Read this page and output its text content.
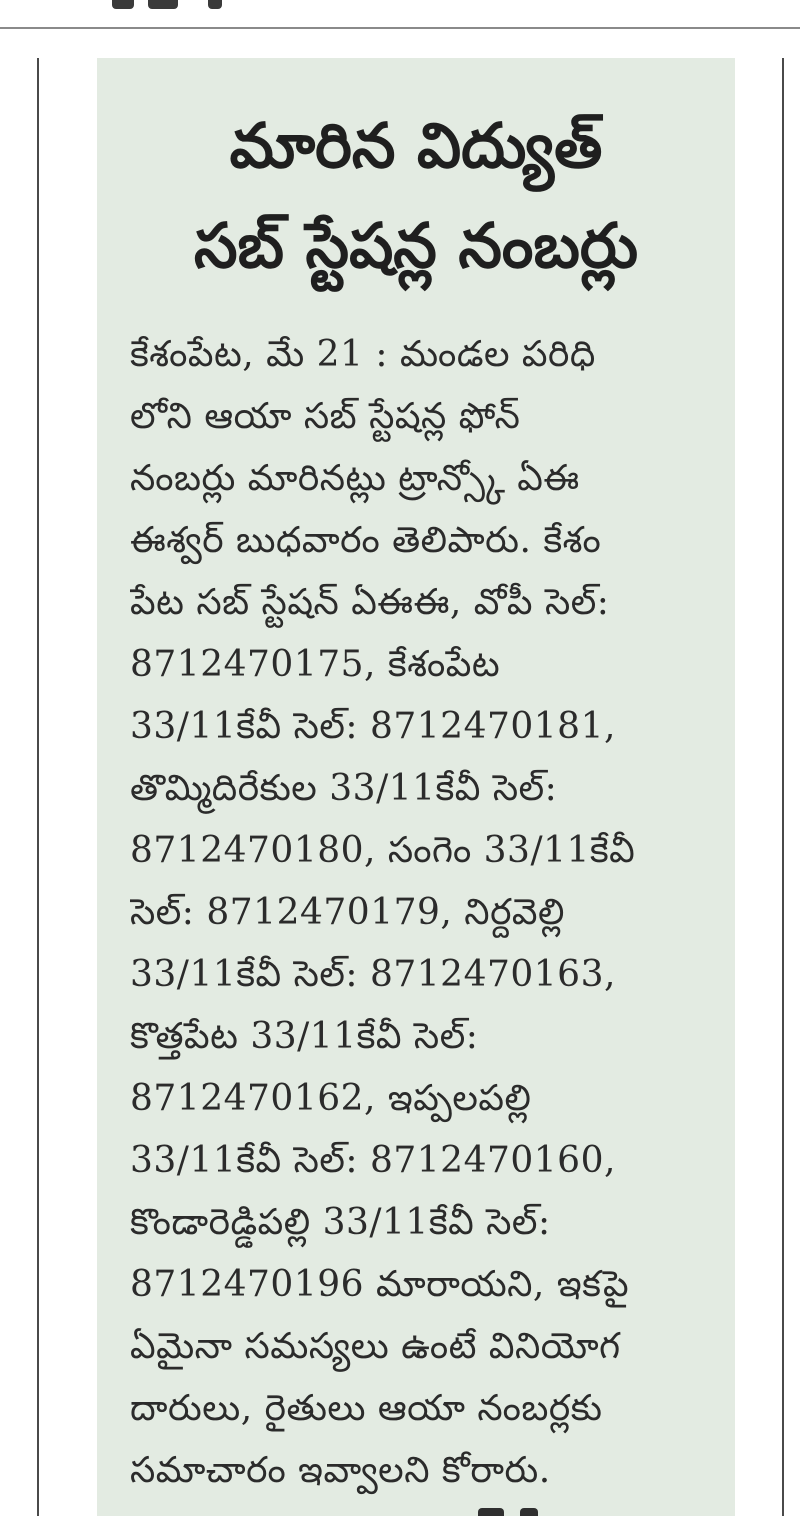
మారిన విద్యుత్
సబ్ స్టేషన్ల నంబర్లు
కేశంపేట, మే 21 : మండల పరిధి
లోని ఆయా సబ్ స్టేషన్ల ఫోన్
నంబర్లు మారినట్లు ట్రాన్స్కో ఏఈ
ఈశ్వర్ బుధవారం తెలిపారు. కేశం
పేట సబ్ స్టేషన్ ఏఈఈ, వోపీ సెల్:
8712470175, కేశంపేట
33/11కేవీ సెల్: 8712470181,
తొమ్మిదిరేకుల 33/11కేవీ సెల్:
8712470180, సంగెం 33/11కేవీ
సెల్: 8712470179, నిర్దవెల్లి
33/11కేవీ సెల్: 8712470163,
కొత్తపేట 33/11కేవీ సెల్:
8712470162, ఇప్పలపల్లి
33/11కేవీ సెల్: 8712470160,
కొండారెడ్డిపల్లి 33/11కేవీ సెల్:
8712470196 మారాయని, ఇకపై
ఏమైనా సమస్యలు ఉంటే వినియోగ
దారులు, రైతులు ఆయా నంబర్లకు
సమాచారం ఇవ్వాలని కోరారు.
